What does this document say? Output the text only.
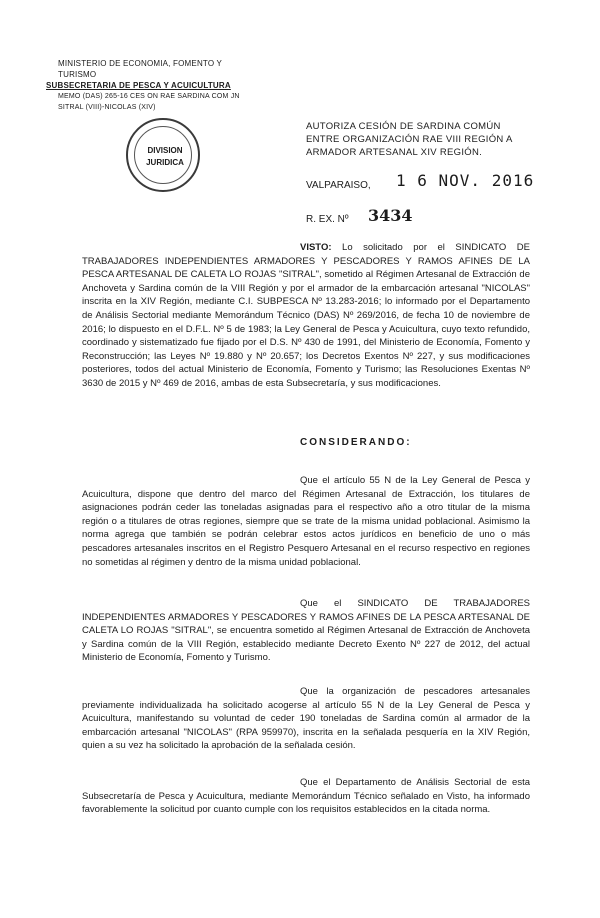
MINISTERIO DE ECONOMIA, FOMENTO Y TURISMO
SUBSECRETARIA DE PESCA Y ACUICULTURA
MEMO (DAS) 265-16 CES ON RAE SARDINA COM JN
SITRAL (VIII)-NICOLAS (XIV)
DIVISION
JURIDICA
AUTORIZA CESIÓN DE SARDINA COMÚN ENTRE ORGANIZACIÓN RAE VIII REGIÓN A ARMADOR ARTESANAL XIV REGIÓN.
VALPARAISO, 1 6 NOV. 2016
R. EX. Nº 3434
VISTO: Lo solicitado por el SINDICATO DE TRABAJADORES INDEPENDIENTES ARMADORES Y PESCADORES Y RAMOS AFINES DE LA PESCA ARTESANAL DE CALETA LO ROJAS "SITRAL", sometido al Régimen Artesanal de Extracción de Anchoveta y Sardina común de la VIII Región y por el armador de la embarcación artesanal "NICOLAS" inscrita en la XIV Región, mediante C.I. SUBPESCA Nº 13.283-2016; lo informado por el Departamento de Análisis Sectorial mediante Memorándum Técnico (DAS) Nº 269/2016, de fecha 10 de noviembre de 2016; lo dispuesto en el D.F.L. Nº 5 de 1983; la Ley General de Pesca y Acuicultura, cuyo texto refundido, coordinado y sistematizado fue fijado por el D.S. Nº 430 de 1991, del Ministerio de Economía, Fomento y Reconstrucción; las Leyes Nº 19.880 y Nº 20.657; los Decretos Exentos Nº 227, y sus modificaciones posteriores, todos del actual Ministerio de Economía, Fomento y Turismo; las Resoluciones Exentas Nº 3630 de 2015 y Nº 469 de 2016, ambas de esta Subsecretaría, y sus modificaciones.
CONSIDERANDO:
Que el artículo 55 N de la Ley General de Pesca y Acuicultura, dispone que dentro del marco del Régimen Artesanal de Extracción, los titulares de asignaciones podrán ceder las toneladas asignadas para el respectivo año a otro titular de la misma región o a titulares de otras regiones, siempre que se trate de la misma unidad poblacional. Asimismo la norma agrega que también se podrán celebrar estos actos jurídicos en beneficio de uno o más pescadores artesanales inscritos en el Registro Pesquero Artesanal en el recurso respectivo en regiones no sometidas al régimen y dentro de la misma unidad poblacional.
Que el SINDICATO DE TRABAJADORES INDEPENDIENTES ARMADORES Y PESCADORES Y RAMOS AFINES DE LA PESCA ARTESANAL DE CALETA LO ROJAS "SITRAL", se encuentra sometido al Régimen Artesanal de Extracción de Anchoveta y Sardina común de la VIII Región, establecido mediante Decreto Exento Nº 227 de 2012, del actual Ministerio de Economía, Fomento y Turismo.
Que la organización de pescadores artesanales previamente individualizada ha solicitado acogerse al artículo 55 N de la Ley General de Pesca y Acuicultura, manifestando su voluntad de ceder 190 toneladas de Sardina común al armador de la embarcación artesanal "NICOLAS" (RPA 959970), inscrita en la señalada pesquería en la XIV Región, quien a su vez ha solicitado la aprobación de la señalada cesión.
Que el Departamento de Análisis Sectorial de esta Subsecretaría de Pesca y Acuicultura, mediante Memorándum Técnico señalado en Visto, ha informado favorablemente la solicitud por cuanto cumple con los requisitos establecidos en la citada norma.
